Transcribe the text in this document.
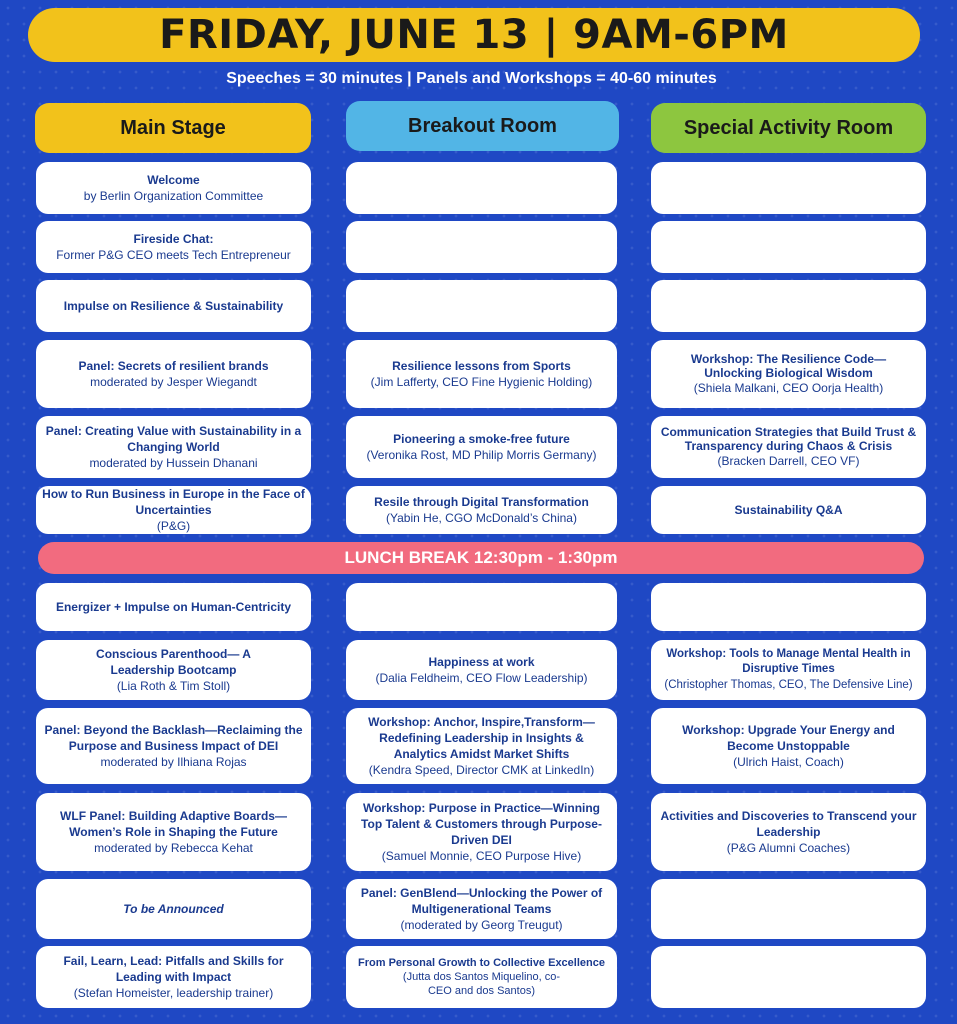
FRIDAY, JUNE 13 | 9AM-6PM
Speeches = 30 minutes | Panels and Workshops = 40-60 minutes
Main Stage	Breakout Room	Special Activity Room
LUNCH BREAK 12:30pm - 1:30pm
Welcome
by Berlin Organization Committee
Fireside Chat:
Former P&G CEO meets Tech Entrepreneur
Impulse on Resilience & Sustainability
Panel: Secrets of resilient brands
moderated by Jesper Wiegandt
Panel: Creating Value with Sustainability in a Changing World
moderated by Hussein Dhanani
How to Run Business in Europe in the Face of Uncertainties
(P&G)
Energizer + Impulse on Human-Centricity
Conscious Parenthood— A Leadership Bootcamp
(Lia Roth & Tim Stoll)
Panel: Beyond the Backlash—Reclaiming the Purpose and Business Impact of DEI
moderated by Ilhiana Rojas
WLF Panel: Building Adaptive Boards— Women’s Role in Shaping the Future
moderated by Rebecca Kehat
To be Announced
Fail, Learn, Lead: Pitfalls and Skills for Leading with Impact
(Stefan Homeister, leadership trainer)
Resilience lessons from Sports
(Jim Lafferty, CEO Fine Hygienic Holding)
Pioneering a smoke-free future
(Veronika Rost, MD Philip Morris Germany)
Resile through Digital Transformation
(Yabin He, CGO McDonald’s China)
Happiness at work
(Dalia Feldheim, CEO Flow Leadership)
Workshop: Anchor, Inspire,Transform— Redefining Leadership in Insights & Analytics Amidst Market Shifts
(Kendra Speed, Director CMK at LinkedIn)
Workshop: Purpose in Practice—Winning Top Talent & Customers through Purpose-Driven DEI
(Samuel Monnie, CEO Purpose Hive)
Panel: GenBlend—Unlocking the Power of Multigenerational Teams
(moderated by Georg Treugut)
From Personal Growth to Collective Excellence
(Jutta dos Santos Miquelino, co-CEO and dos Santos)
Workshop: The Resilience Code— Unlocking Biological Wisdom
(Shiela Malkani, CEO Oorja Health)
Communication Strategies that Build Trust & Transparency during Chaos & Crisis
(Bracken Darrell, CEO VF)
Sustainability Q&A
Workshop: Tools to Manage Mental Health in Disruptive Times
(Christopher Thomas, CEO, The Defensive Line)
Workshop: Upgrade Your Energy and Become Unstoppable
(Ulrich Haist, Coach)
Activities and Discoveries to Transcend your Leadership
(P&G Alumni Coaches)
